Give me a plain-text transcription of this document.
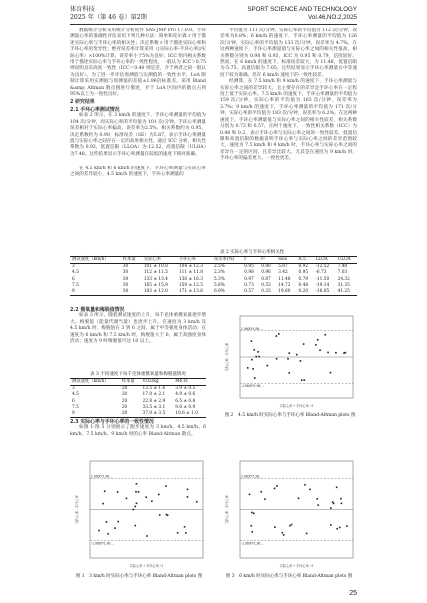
体育科技	SPORT SCIENCE AND TECHNOLOGY
2025 年（第 46 卷）第2期	Vol.46,NO.2,2025

数据统计分析采用统计分析软件 SAS JMP Pro 17.0.0。手环测量心率的准确性评估采用下列几种方法：简单和皮尔森 r 用于描述实际心率与手环心率的相关性；决定系数 r 用于描述实际心率和手环心率的变异性；绝对误差率计算采用（|实际心率-手环心率|/实际心率）×100%计算，误差率小于5%为良好；ICC 组内相关系数用于描述实际心率与手环心率的一致性程度，一般认为 ICC＞0.75 则说明具有高度一致性（ICC＜0.40 则是差，介于两者之间一般认为良好）。为了进一步评估预测值与实测值的一致性水平，LoA 限制计算采用实测值与预测值的差值±1.96倍标准差。采用 Bland &amp; Altman 散点图进行描述，介于 LoA 区间内的散点占到95%以上为一致性良好。

2 研究结果
2.1 手环心率测试情况

如表 2 所示，在 3 km/h 的速度下，手环心率测量的平均值为 104 次/分钟，而实际心率的平均值为 101 次/分钟。手环心率测量误差相对于实际心率偏高，误差率为2.5%，相关系数约为 0.95，决定系数约为 0.90，标准误差（SE）为5.87。表示手环心率测量值与实际心率之间存在一定的高度相关性。通过 ICC 分析，相关性系数为 0.92，低置信限（LLOA）为-12.52，高置信限（ULOA）为7.48。这些结果显示手环心率测量在较低的速度下相对准确。

平均值为 111 次/分钟，实际心率的平均值为 112 次/分钟，误差率为0.8%；6 km/h 的速度下，手环心率测量的平均值为 126 次/分钟，实际心率的平均值为 133 次/分钟，误差率为 4.7%。在这两种速度下，手环心率测量值与实际心率之间的相关性很高，相关系数分别为 0.98 和 0.93，ICC 为 0.95 和 0.79，信度较好。然而，在 6 km/h 的速度下，标准误差较大，为 11.48，低置信限为-5.75，高置信限为 7.05，这些结果显示手环心率测量在中等速度下较为准确，但在 6 km/h 速度下的一致性较差。

经测算，在 7.5 km/h 和 9 km/h 的速度下，手环心率测量与实际心率之间的差异较大，且主要存在的差异是手环心率在一定程度上低于实际心率。7.5 km/h 的速度下，手环心率测量的平均值为 159 次/分钟，实际心率的平均值为 165 次/分钟，误差率为 3.7%；9 km/h 的速度下，手环心率测量的平均值为 171 次/分钟，实际心率的平均值为 183 次/分钟，误差率为 6.2%。在这两种速度下，手环心率测量值与实际心率之间的相关性较差，相关系数分别为 0.73 和 0.57。在两个速度下，一致性相关系数（ICC）为 0.48 和 0.2，表示手环心率与实际心率之间的一致性较差。低置信限和高置信限的数据说明手环心率与实际心率之间的差异范围较大，速度为 7.5 km/h 和 9 km/h 时，手环心率与实际心率之间的差异在一定的区间，且差异比较大。尤其是在速度为 9 km/h 时，手环心率的偏差更大、一致性更差。

在 4.5 km/h 和 6 km/h 的速度下，手环心率测量与实际心率之间的差异较小，4.5 km/h 的速度下，手环心率测量的

表 2 实际心率与手环心率相关性
测试速度（km/h）	样本量	实际心率	手环心率	误差率(%)	r	r²	SEE	ICC	LLOA	ULOA
3	30	101 ± 10.8	104 ± 12.3	2.5%	0.95	0.90	5.87	0.92	-12.52	7.48
4.5	30	112 ± 11.5	111 ± 11.8	2.3%	0.98	0.96	3.42	0.95	-6.73	7.03
6	30	133 ± 13.4	136 ± 16.3	5.3%	0.97	0.87	11.48	0.79	-11.50	24.32
7.5	30	165 ± 15.9	159 ± 12.5	5.8%	0.73	0.53	14.72	0.48	-19.14	31.35
9	30	183 ± 12.0	171 ± 13.6	6.9%	0.57	0.33	19.60	0.20	-16.85	41.25
2.2 摄氧量和梅脱值情况

如表 3 所示，随着测试速度的上升，每千克体重摄氧量逐步增大。梅脱值（能量代谢当量）也逐步上升。在速度为 3 km/h 及 4.5 km/h 时，梅脱值在 3 到 6 之间，属于中等强度身体活动；在速度为 6 km/h 和 7.5 km/h 时，梅脱值大于 6，属于高强度身体活动；速度为 9 时梅脱值可达 10 以上。

表 3 不同速度下每千克体重摄氧量和梅脱值情况
测试速度（km/h）	样本量	VO2/kg	METs
3	20	13.5 ± 1.6	3.9 ± 0.5
4.5	20	17.0 ± 2.1	4.9 ± 0.6
6	20	22.8 ± 2.9	6.5 ± 0.8
7.5	20	33.5 ± 3.1	9.6 ± 0.9
9	20	37.0 ± 3.5	10.6 ± 1.0
2.3 实际心率与手环心率的一致性情况

如图 1-图 5 分别展示了跑步速度为 3 km/h、4.5 km/h、6 km/h、7.5 km/h、9 km/h 时的心率 Bland-Altman 散点。

1.9600*1.96 ...
-1.9600*1.96 ...
实际心率 + 手环心率 / 2
实际心率 - 手环心率
图 2　4.5 km/h 时实际心率与手环心率 Bland-Altman plots 图
1.9600*1.96 ...
-1.9600*1.96 ...
实际心率 + 手环心率 / 2
实际心率 - 手环心率
图 1　3 km/h 时实际心率与手环心率 Bland-Altman plots 图
1.9600*1.96 ...
-1.9600*1.96 ...
实际心率 + 手环心率 / 2
实际心率 - 手环心率
图 3　6 km/h 时实际心率与手环心率 Bland-Altman plots 图
25
